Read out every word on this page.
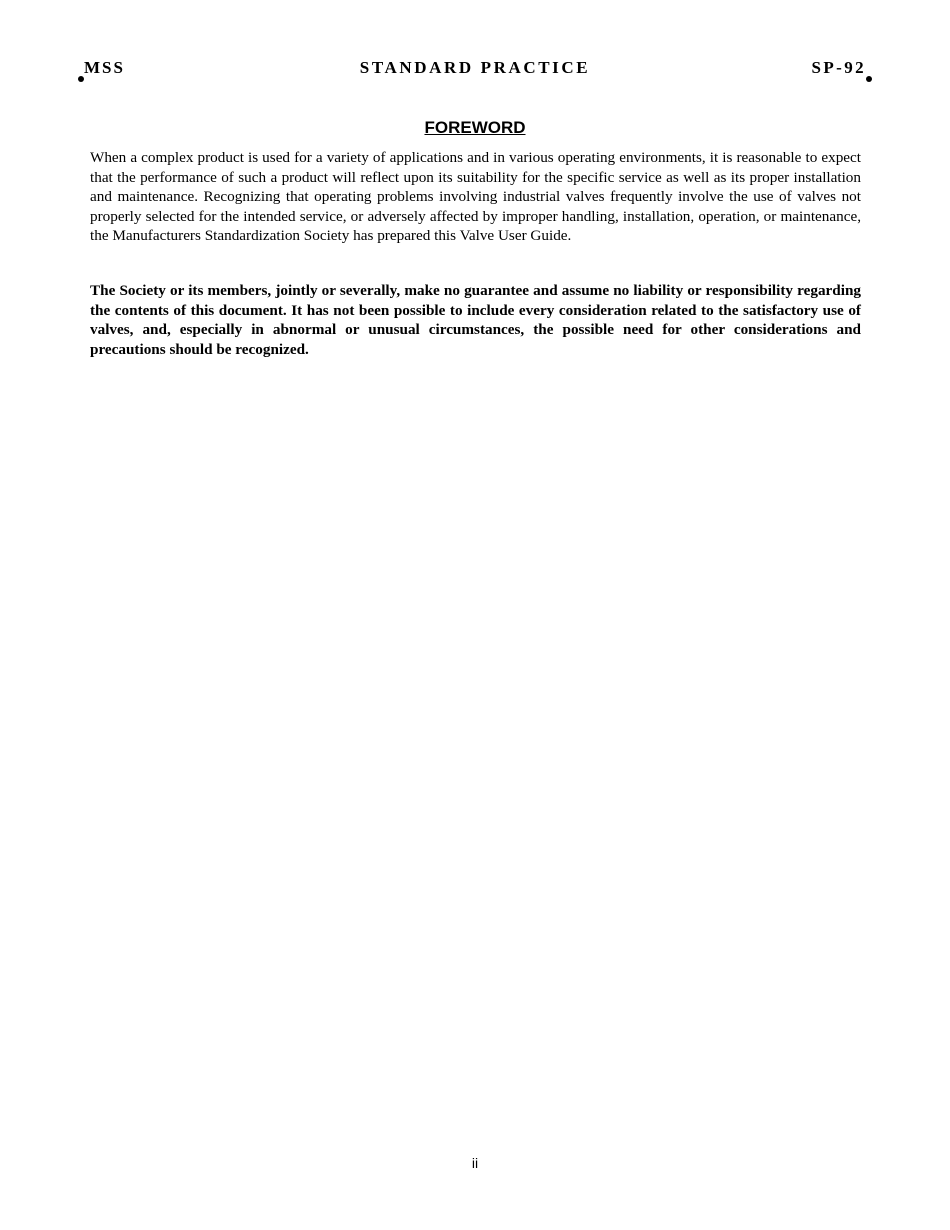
MSS	STANDARD PRACTICE	SP-92
FOREWORD

When a complex product is used for a variety of applications and in various operating environments, it is reasonable to expect that the performance of such a product will reflect upon its suitability for the specific service as well as its proper installation and maintenance. Recognizing that operating problems involving industrial valves frequently involve the use of valves not properly selected for the intended service, or adversely affected by improper handling, installation, operation, or maintenance, the Manufacturers Standardization Society has prepared this Valve User Guide.

The Society or its members, jointly or severally, make no guarantee and assume no liability or responsibility regarding the contents of this document. It has not been possible to include every consideration related to the satisfactory use of valves, and, especially in abnormal or unusual circumstances, the possible need for other considerations and precautions should be recognized.

ii
